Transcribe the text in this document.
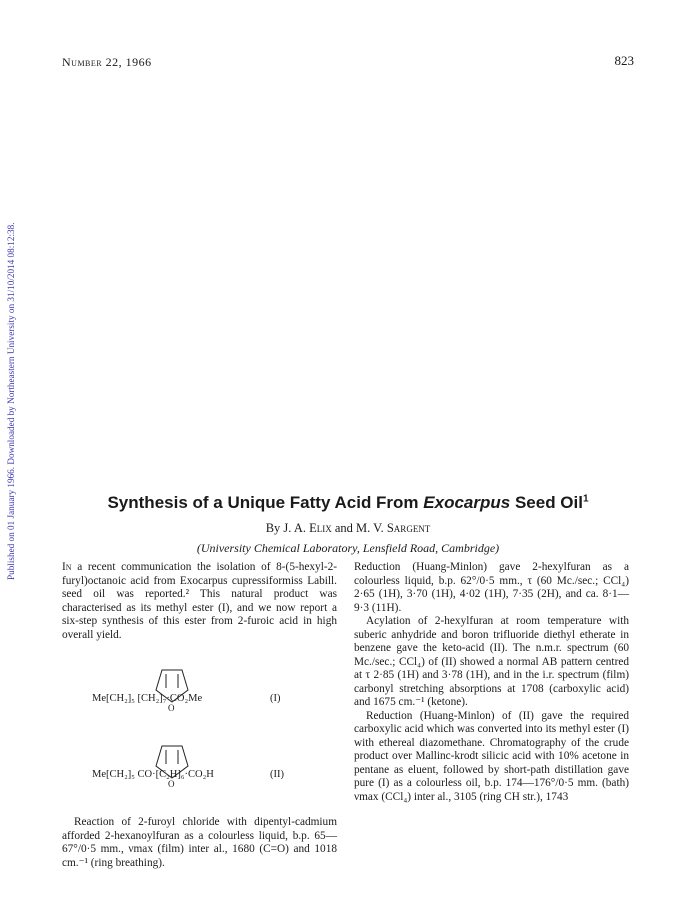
Number 22, 1966	823
Published on 01 January 1966. Downloaded by Northeastern University on 31/10/2014 08:12:38.	Synthesis of a Unique Fatty Acid From Exocarpus Seed Oil$^1$
By J. A. Elix and M. V. Sargent
(University Chemical Laboratory, Lensfield Road, Cambridge)

In a recent communication the isolation of 8-(5-hexyl-2-furyl)octanoic acid from Exocarpus cupressiformiss Labill. seed oil was reported.² This natural product was characterised as its methyl ester (I), and we now report a six-step synthesis of this ester from 2-furoic acid in high overall yield.

Me[CH₂]₅ [CH₂]₇·CO₂Me
O
(I)
Me[CH₂]₅ CO·[C₂H]₆·CO₂H
O
(II)

Reaction of 2-furoyl chloride with dipentyl-cadmium afforded 2-hexanoylfuran as a colourless liquid, b.p. 65—67°/0·5 mm., νmax (film) inter al., 1680 (C=O) and 1018 cm.⁻¹ (ring breathing).

Reduction (Huang-Minlon) gave 2-hexylfuran as a colourless liquid, b.p. 62°/0·5 mm., τ (60 Mc./sec.; CCl₄) 2·65 (1H), 3·70 (1H), 4·02 (1H), 7·35 (2H), and ca. 8·1—9·3 (11H).

Acylation of 2-hexylfuran at room temperature with suberic anhydride and boron trifluoride diethyl etherate in benzene gave the keto-acid (II). The n.m.r. spectrum (60 Mc./sec.; CCl₄) of (II) showed a normal AB pattern centred at τ 2·85 (1H) and 3·78 (1H), and in the i.r. spectrum (film) carbonyl stretching absorptions at 1708 (carboxylic acid) and 1675 cm.⁻¹ (ketone).

Reduction (Huang-Minlon) of (II) gave the required carboxylic acid which was converted into its methyl ester (I) with ethereal diazomethane. Chromatography of the crude product over Mallinc-krodt silicic acid with 10% acetone in pentane as eluent, followed by short-path distillation gave pure (I) as a colourless oil, b.p. 174—176°/0·5 mm. (bath) νmax (CCl₄) inter al., 3105 (ring CH str.), 1743
